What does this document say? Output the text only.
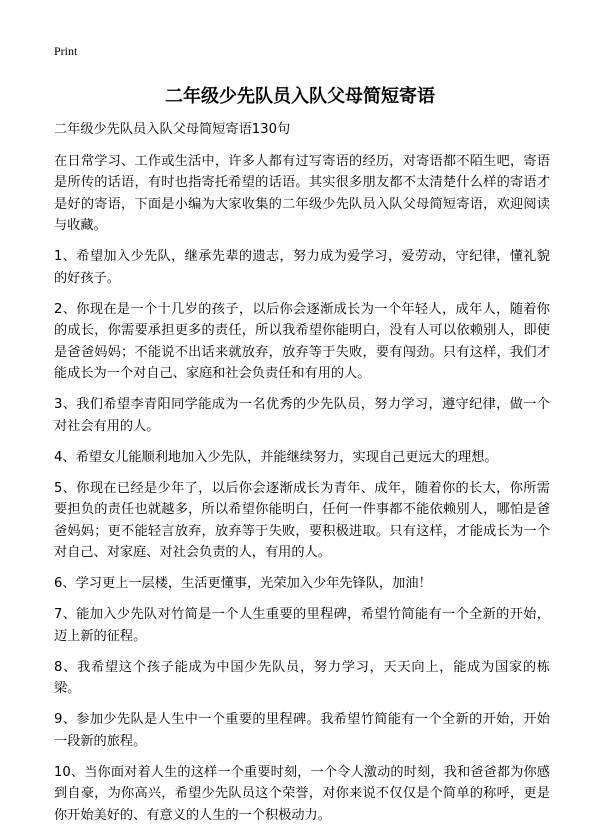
Print
二年级少先队员入队父母简短寄语

二年级少先队员入队父母简短寄语130句

在日常学习、工作或生活中，许多人都有过写寄语的经历，对寄语都不陌生吧，寄语是所传的话语，有时也指寄托希望的话语。其实很多朋友都不太清楚什么样的寄语才是好的寄语，下面是小编为大家收集的二年级少先队员入队父母简短寄语，欢迎阅读与收藏。

1、希望加入少先队，继承先辈的遗志，努力成为爱学习，爱劳动，守纪律，懂礼貌的好孩子。

2、你现在是一个十几岁的孩子，以后你会逐渐成长为一个年轻人，成年人，随着你的成长，你需要承担更多的责任，所以我希望你能明白，没有人可以依赖别人，即使是爸爸妈妈；不能说不出话来就放弃，放弃等于失败，要有闯劲。只有这样，我们才能成长为一个对自己、家庭和社会负责任和有用的人。

3、我们希望李青阳同学能成为一名优秀的少先队员，努力学习，遵守纪律，做一个对社会有用的人。

4、希望女儿能顺利地加入少先队，并能继续努力，实现自己更远大的理想。

5、你现在已经是少年了，以后你会逐渐成长为青年、成年，随着你的长大，你所需要担负的责任也就越多，所以希望你能明白，任何一件事都不能依赖别人，哪怕是爸爸妈妈；更不能轻言放弃，放弃等于失败，要积极进取。只有这样，才能成长为一个对自己、对家庭、对社会负责的人，有用的人。

6、学习更上一层楼，生活更懂事，光荣加入少年先锋队，加油！

7、能加入少先队对竹简是一个人生重要的里程碑，希望竹简能有一个全新的开始，迈上新的征程。

8、我希望这个孩子能成为中国少先队员，努力学习，天天向上，能成为国家的栋梁。

9、参加少先队是人生中一个重要的里程碑。我希望竹简能有一个全新的开始，开始一段新的旅程。

10、当你面对着人生的这样一个重要时刻，一个令人激动的时刻，我和爸爸都为你感到自豪，为你高兴，希望少先队员这个荣誉，对你来说不仅仅是个简单的称呼，更是你开始美好的、有意义的人生的一个积极动力。
